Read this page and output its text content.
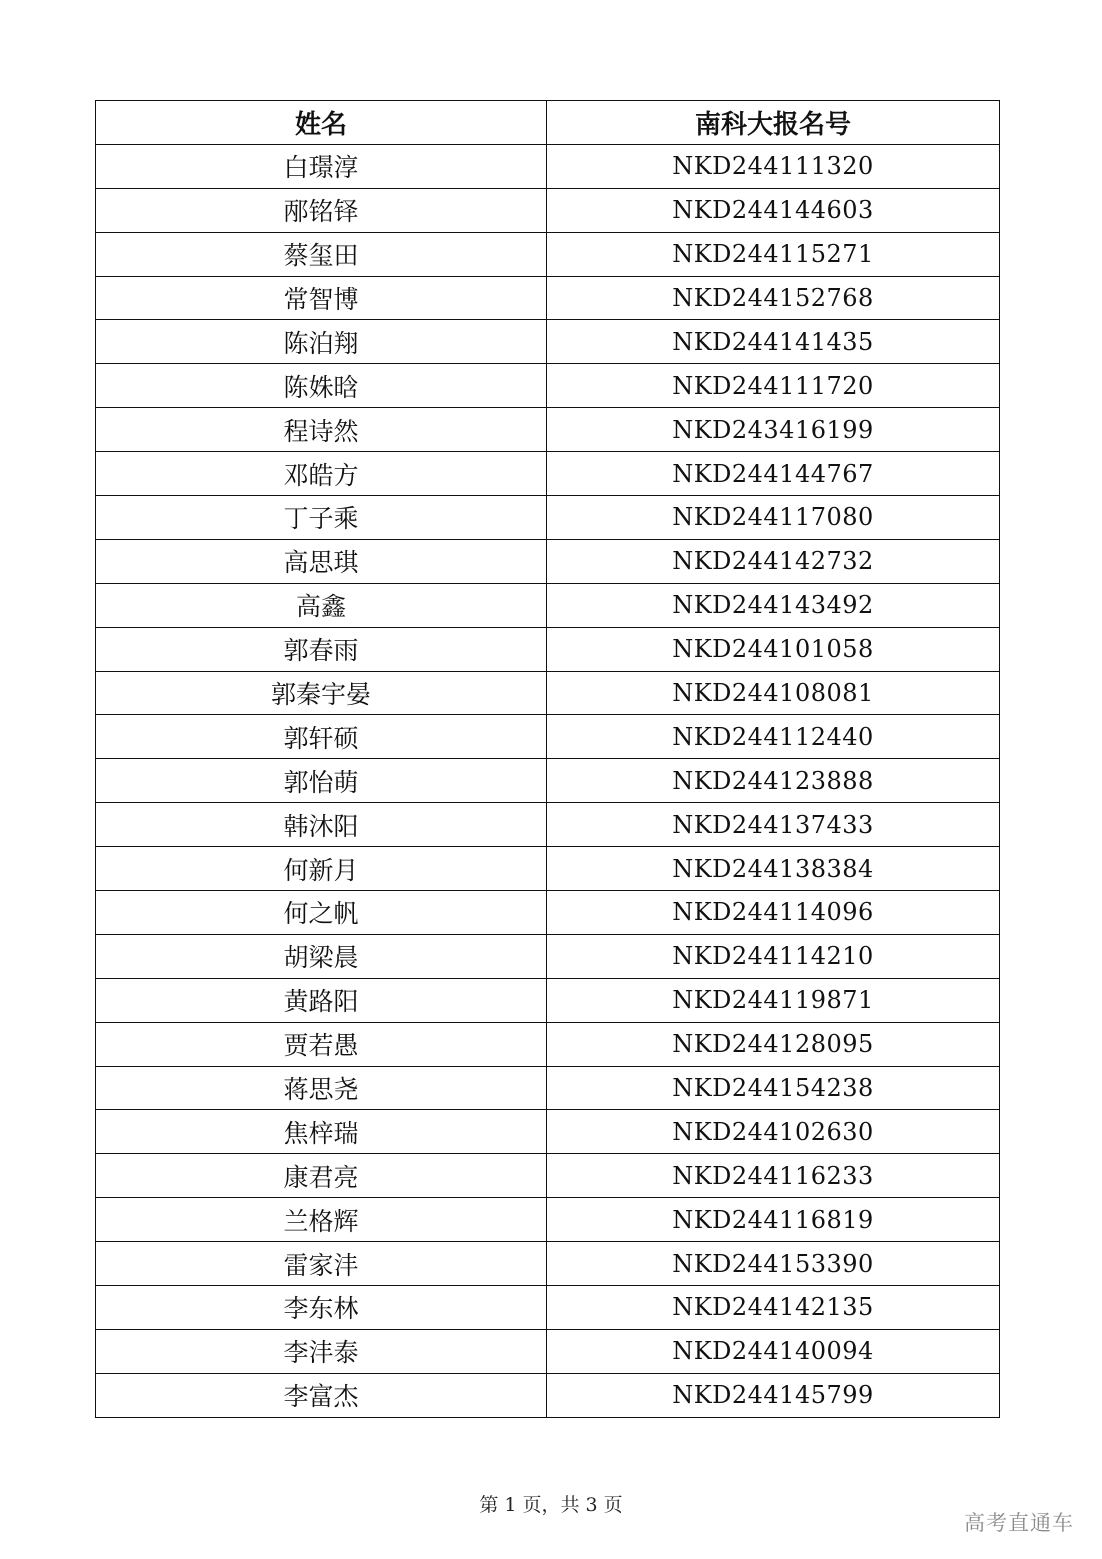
姓名	南科大报名号
白璟淳	NKD244111320
邴铭铎	NKD244144603
蔡玺田	NKD244115271
常智博	NKD244152768
陈泊翔	NKD244141435
陈姝晗	NKD244111720
程诗然	NKD243416199
邓皓方	NKD244144767
丁子乘	NKD244117080
高思琪	NKD244142732
高鑫	NKD244143492
郭春雨	NKD244101058
郭秦宇晏	NKD244108081
郭轩硕	NKD244112440
郭怡萌	NKD244123888
韩沐阳	NKD244137433
何新月	NKD244138384
何之帆	NKD244114096
胡梁晨	NKD244114210
黄路阳	NKD244119871
贾若愚	NKD244128095
蒋思尧	NKD244154238
焦梓瑞	NKD244102630
康君亮	NKD244116233
兰格辉	NKD244116819
雷家沣	NKD244153390
李东林	NKD244142135
李沣泰	NKD244140094
李富杰	NKD244145799
第 1 页，共 3 页
高考直通车
